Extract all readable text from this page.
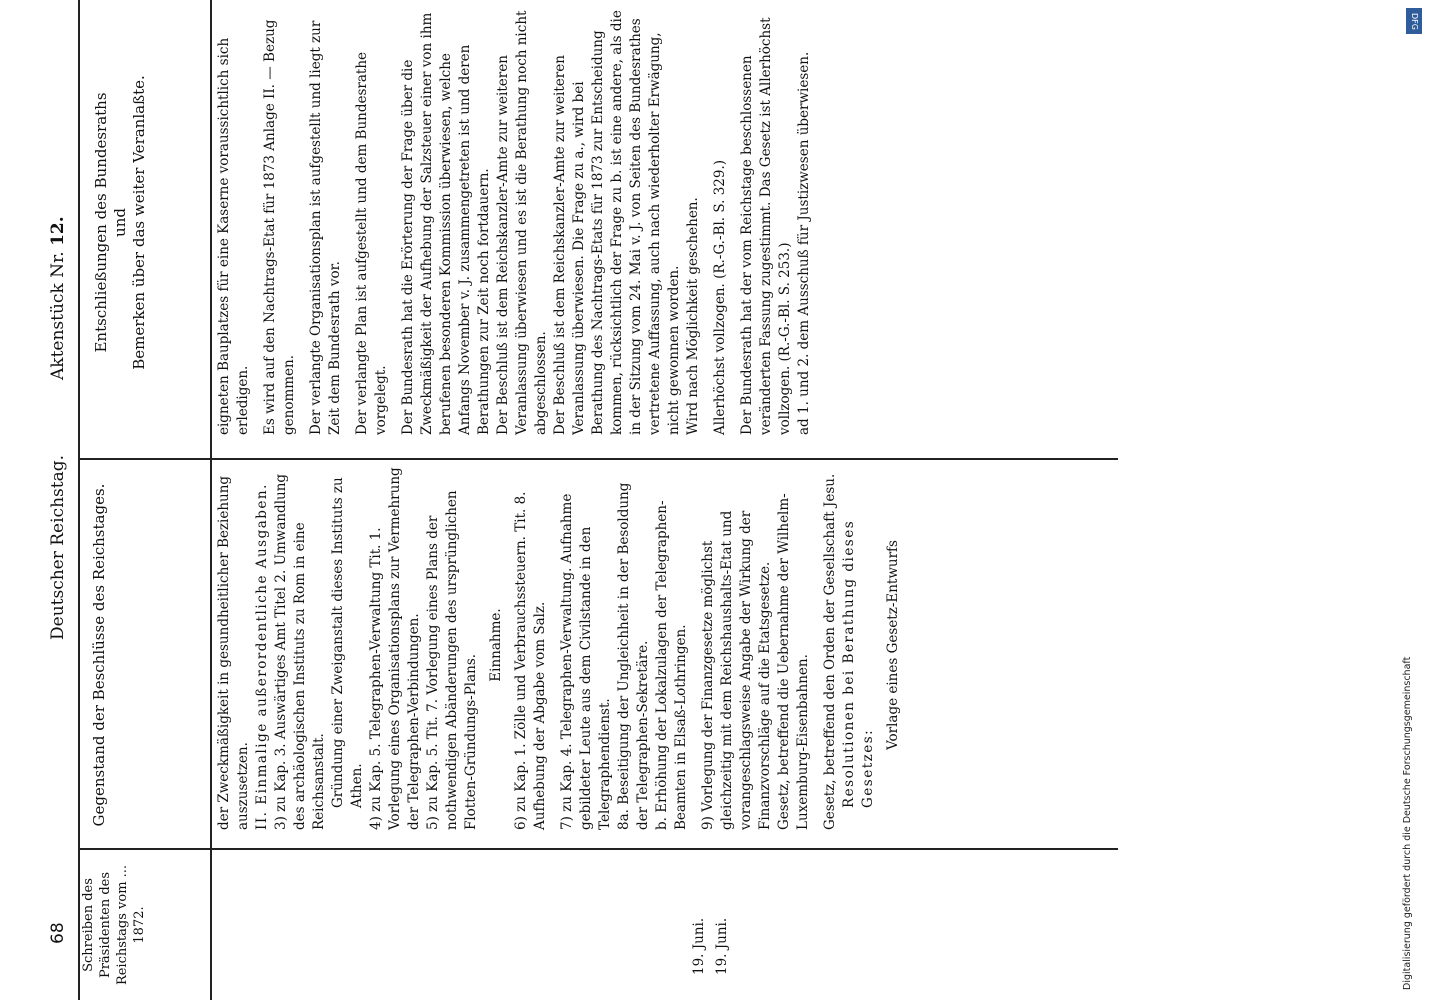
68
Deutscher Reichstag.
Aktenstück Nr. 12.
Schreiben des Präsidenten des Reichstags vom ... 1872.
Gegenstand der Beschlüsse des Reichstages.
Entschließungen des Bundesraths und Bemerken über das weiter Veranlaßte.
19. Juni. 19. Juni.

der Zweckmäßigkeit in gesundheitlicher Beziehung auszusetzen. II. Einmalige außerordentliche Ausgaben. 3) zu Kap. 3. Auswärtiges Amt Titel 2. Umwandlung des archäologischen Instituts zu Rom in eine Reichsanstalt. Gründung einer Zweiganstalt dieses Instituts zu Athen. 4) zu Kap. 5. Telegraphen-Verwaltung Tit. 1. Vorlegung eines Organisationsplans zur Vermehrung der Telegraphen-Verbindungen. 5) zu Kap. 5. Tit. 7. Vorlegung eines Plans der nothwendigen Abänderungen des ursprünglichen Flotten-Gründungs-Plans.

Einnahme. 6) zu Kap. 1. Zölle und Verbrauchssteuern. Tit. 8. Aufhebung der Abgabe vom Salz. 7) zu Kap. 4. Telegraphen-Verwaltung. Aufnahme gebildeter Leute aus dem Civilstande in den Telegraphendienst. 8a. Beseitigung der Ungleichheit in der Besoldung der Telegraphen-Sekretäre. b. Erhöhung der Lokalzulagen der Telegraphen-Beamten in Elsaß-Lothringen. 9) Vorlegung der Finanzgesetze möglichst gleichzeitig mit dem Reichshaushalts-Etat und vorangeschlagsweise Angabe der Wirkung der Finanzvorschläge auf die Etatsgesetze. Gesetz, betreffend die Uebernahme der Wilhelm-Luxemburg-Eisenbahnen. Gesetz, betreffend den Orden der Gesellschaft Jesu. Resolutionen bei Berathung dieses Gesetzes:

Vorlage eines Gesetz-Entwurfs

eigneten Bauplatzes für eine Kaserne voraussichtlich sich erledigen. Es wird auf den Nachtrags-Etat für 1873 Anlage II. — Bezug genommen. Der verlangte Organisationsplan ist aufgestellt und liegt zur Zeit dem Bundesrath vor. Der verlangte Plan ist aufgestellt und dem Bundesrathe vorgelegt. Der Bundesrath hat die Erörterung der Frage über die Zweckmäßigkeit der Aufhebung der Salzsteuer einer von ihm berufenen besonderen Kommission überwiesen, welche Anfangs November v. J. zusammengetreten ist und deren Berathungen zur Zeit noch fortdauern. Der Beschluß ist dem Reichskanzler-Amte zur weiteren Veranlassung überwiesen und es ist die Berathung noch nicht abgeschlossen. Der Beschluß ist dem Reichskanzler-Amte zur weiteren Veranlassung überwiesen. Die Frage zu a., wird bei Berathung des Nachtrags-Etats für 1873 zur Entscheidung kommen, rücksichtlich der Frage zu b. ist eine andere, als die in der Sitzung vom 24. Mai v. J. von Seiten des Bundesrathes vertretene Auffassung, auch nach wiederholter Erwägung, nicht gewonnen worden. Wird nach Möglichkeit geschehen. Allerhöchst vollzogen. (R.-G.-Bl. S. 329.) Der Bundesrath hat der vom Reichstage beschlossenen veränderten Fassung zugestimmt. Das Gesetz ist Allerhöchst vollzogen. (R.-G.-Bl. S. 253.) ad 1. und 2. dem Ausschuß für Justizwesen überwiesen.

Digitalisierung gefördert durch die Deutsche Forschungsgemeinschaft
DFG
